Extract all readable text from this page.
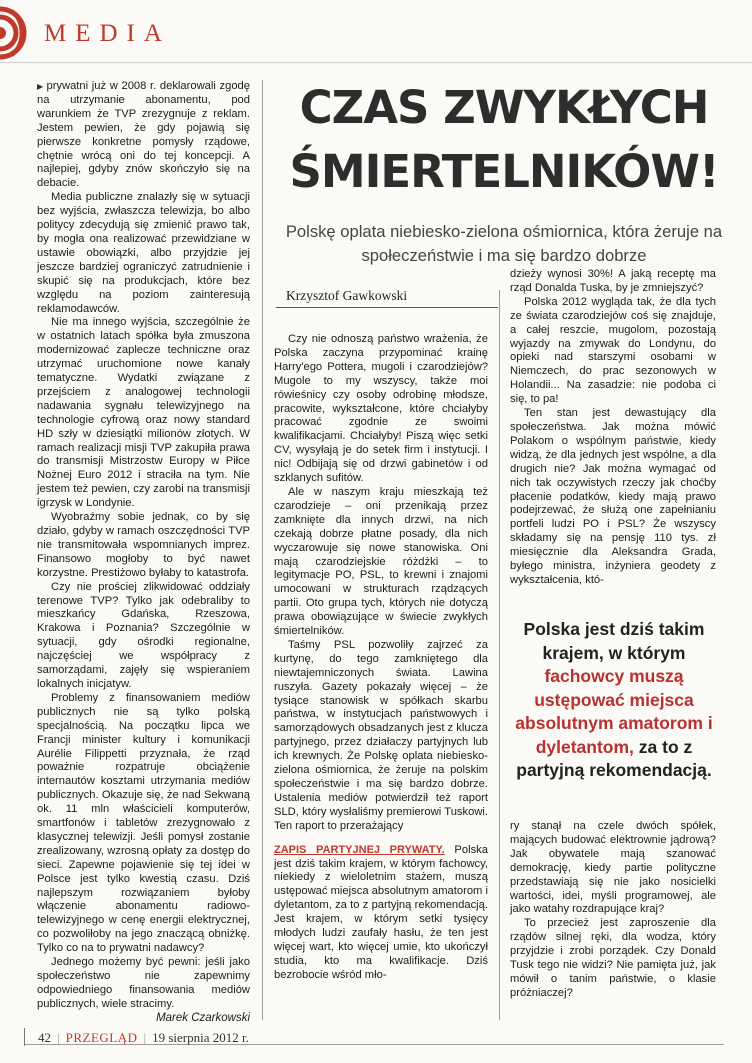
MEDIA
CZAS ZWYKŁYCH
ŚMIERTELNIKÓW!
Polskę oplata niebiesko-zielona ośmiornica, która żeruje na społeczeństwie i ma się bardzo dobrze
Krzysztof Gawkowski

▶ prywatni już w 2008 r. deklarowali zgodę na utrzymanie abonamentu, pod warunkiem że TVP zrezygnuje z reklam. Jestem pewien, że gdy pojawią się pierwsze konkretne pomysły rządowe, chętnie wrócą oni do tej koncepcji. A najlepiej, gdyby znów skończyło się na debacie.

Media publiczne znalazły się w sytuacji bez wyjścia, zwłaszcza telewizja, bo albo politycy zdecydują się zmienić prawo tak, by mogła ona realizować przewidziane w ustawie obowiązki, albo przyjdzie jej jeszcze bardziej ograniczyć zatrudnienie i skupić się na produkcjach, które bez względu na poziom zainteresują reklamodawców.

Nie ma innego wyjścia, szczególnie że w ostatnich latach spółka była zmuszona modernizować zaplecze techniczne oraz utrzymać uruchomione nowe kanały tematyczne. Wydatki związane z przejściem z analogowej technologii nadawania sygnału telewizyjnego na technologie cyfrową oraz nowy standard HD szły w dziesiątki milionów złotych. W ramach realizacji misji TVP zakupiła prawa do transmisji Mistrzostw Europy w Piłce Nożnej Euro 2012 i straciła na tym. Nie jestem też pewien, czy zarobi na transmisji igrzysk w Londynie.

Wyobraźmy sobie jednak, co by się działo, gdyby w ramach oszczędności TVP nie transmitowała wspomnianych imprez. Finansowo mogłoby to być nawet korzystne. Prestiżowo byłaby to katastrofa.

Czy nie prościej zlikwidować oddziały terenowe TVP? Tylko jak odebraliby to mieszkańcy Gdańska, Rzeszowa, Krakowa i Poznania? Szczególnie w sytuacji, gdy ośrodki regionalne, najczęściej we współpracy z samorządami, zajęły się wspieraniem lokalnych inicjatyw.

Problemy z finansowaniem mediów publicznych nie są tylko polską specjalnością. Na początku lipca we Francji minister kultury i komunikacji Aurélie Filippetti przyznała, że rząd poważnie rozpatruje obciążenie internautów kosztami utrzymania mediów publicznych. Okazuje się, że nad Sekwaną ok. 11 mln właścicieli komputerów, smartfonów i tabletów zrezygnowało z klasycznej telewizji. Jeśli pomysł zostanie zrealizowany, wzrosną opłaty za dostęp do sieci. Zapewne pojawienie się tej idei w Polsce jest tylko kwestią czasu. Dziś najlepszym rozwiązaniem byłoby włączenie abonamentu radiowo-telewizyjnego w cenę energii elektrycznej, co pozwoliłoby na jego znaczącą obniżkę. Tylko co na to prywatni nadawcy?

Jednego możemy być pewni: jeśli jako społeczeństwo nie zapewnimy odpowiedniego finansowania mediów publicznych, wiele stracimy.

Marek Czarkowski

Czy nie odnoszą państwo wrażenia, że Polska zaczyna przypominać krainę Harry'ego Pottera, mugoli i czarodziejów? Mugole to my wszyscy, także moi rówieśnicy czy osoby odrobinę młodsze, pracowite, wykształcone, które chciałyby pracować zgodnie ze swoimi kwalifikacjami. Chciałyby! Piszą więc setki CV, wysyłają je do setek firm i instytucji. I nic! Odbijają się od drzwi gabinetów i od szklanych sufitów.

Ale w naszym kraju mieszkają też czarodzieje – oni przenikają przez zamknięte dla innych drzwi, na nich czekają dobrze płatne posady, dla nich wyczarowuje się nowe stanowiska. Oni mają czarodziejskie różdżki – to legitymacje PO, PSL, to krewni i znajomi umocowani w strukturach rządzących partii. Oto grupa tych, których nie dotyczą prawa obowiązujące w świecie zwykłych śmiertelników.

Taśmy PSL pozwoliły zajrzeć za kurtynę, do tego zamkniętego dla niewtajemniczonych świata. Lawina ruszyła. Gazety pokazały więcej – że tysiące stanowisk w spółkach skarbu państwa, w instytucjach państwowych i samorządowych obsadzanych jest z klucza partyjnego, przez działaczy partyjnych lub ich krewnych. Że Polskę oplata niebiesko-zielona ośmiornica, że żeruje na polskim społeczeństwie i ma się bardzo dobrze. Ustalenia mediów potwierdził też raport SLD, który wysłaliśmy premierowi Tuskowi. Ten raport to przerażający

ZAPIS PARTYJNEJ PRYWATY. Polska jest dziś takim krajem, w którym fachowcy, niekiedy z wieloletnim stażem, muszą ustępować miejsca absolutnym amatorom i dyletantom, za to z partyjną rekomendacją. Jest krajem, w którym setki tysięcy młodych ludzi zaufały hasłu, że ten jest więcej wart, kto więcej umie, kto ukończył studia, kto ma kwalifikacje. Dziś bezrobocie wśród mło-

dzieży wynosi 30%! A jaką receptę ma rząd Donalda Tuska, by je zmniejszyć?

Polska 2012 wygląda tak, że dla tych ze świata czarodziejów coś się znajduje, a całej reszcie, mugolom, pozostają wyjazdy na zmywak do Londynu, do opieki nad starszymi osobami w Niemczech, do prac sezonowych w Holandii... Na zasadzie: nie podoba ci się, to pa!

Ten stan jest dewastujący dla społeczeństwa. Jak można mówić Polakom o wspólnym państwie, kiedy widzą, że dla jednych jest wspólne, a dla drugich nie? Jak można wymagać od nich tak oczywistych rzeczy jak choćby płacenie podatków, kiedy mają prawo podejrzewać, że służą one zapełnianiu portfeli ludzi PO i PSL? Że wszyscy składamy się na pensję 110 tys. zł miesięcznie dla Aleksandra Grada, byłego ministra, inżyniera geodety z wykształcenia, któ-

Polska jest dziś takim krajem, w którym fachowcy muszą ustępować miejsca absolutnym amatorom i dyletantom, za to z partyjną rekomendacją.

ry stanął na czele dwóch spółek, mających budować elektrownie jądrową? Jak obywatele mają szanować demokrację, kiedy partie polityczne przedstawiają się nie jako nosicielki wartości, idei, myśli programowej, ale jako watahy rozdrapujące kraj?

To przecież jest zaproszenie dla rządów silnej ręki, dla wodza, który przyjdzie i zrobi porządek. Czy Donald Tusk tego nie widzi? Nie pamięta już, jak mówił o tanim państwie, o klasie próżniaczej?

42 | PRZEGLĄD | 19 sierpnia 2012 r.
